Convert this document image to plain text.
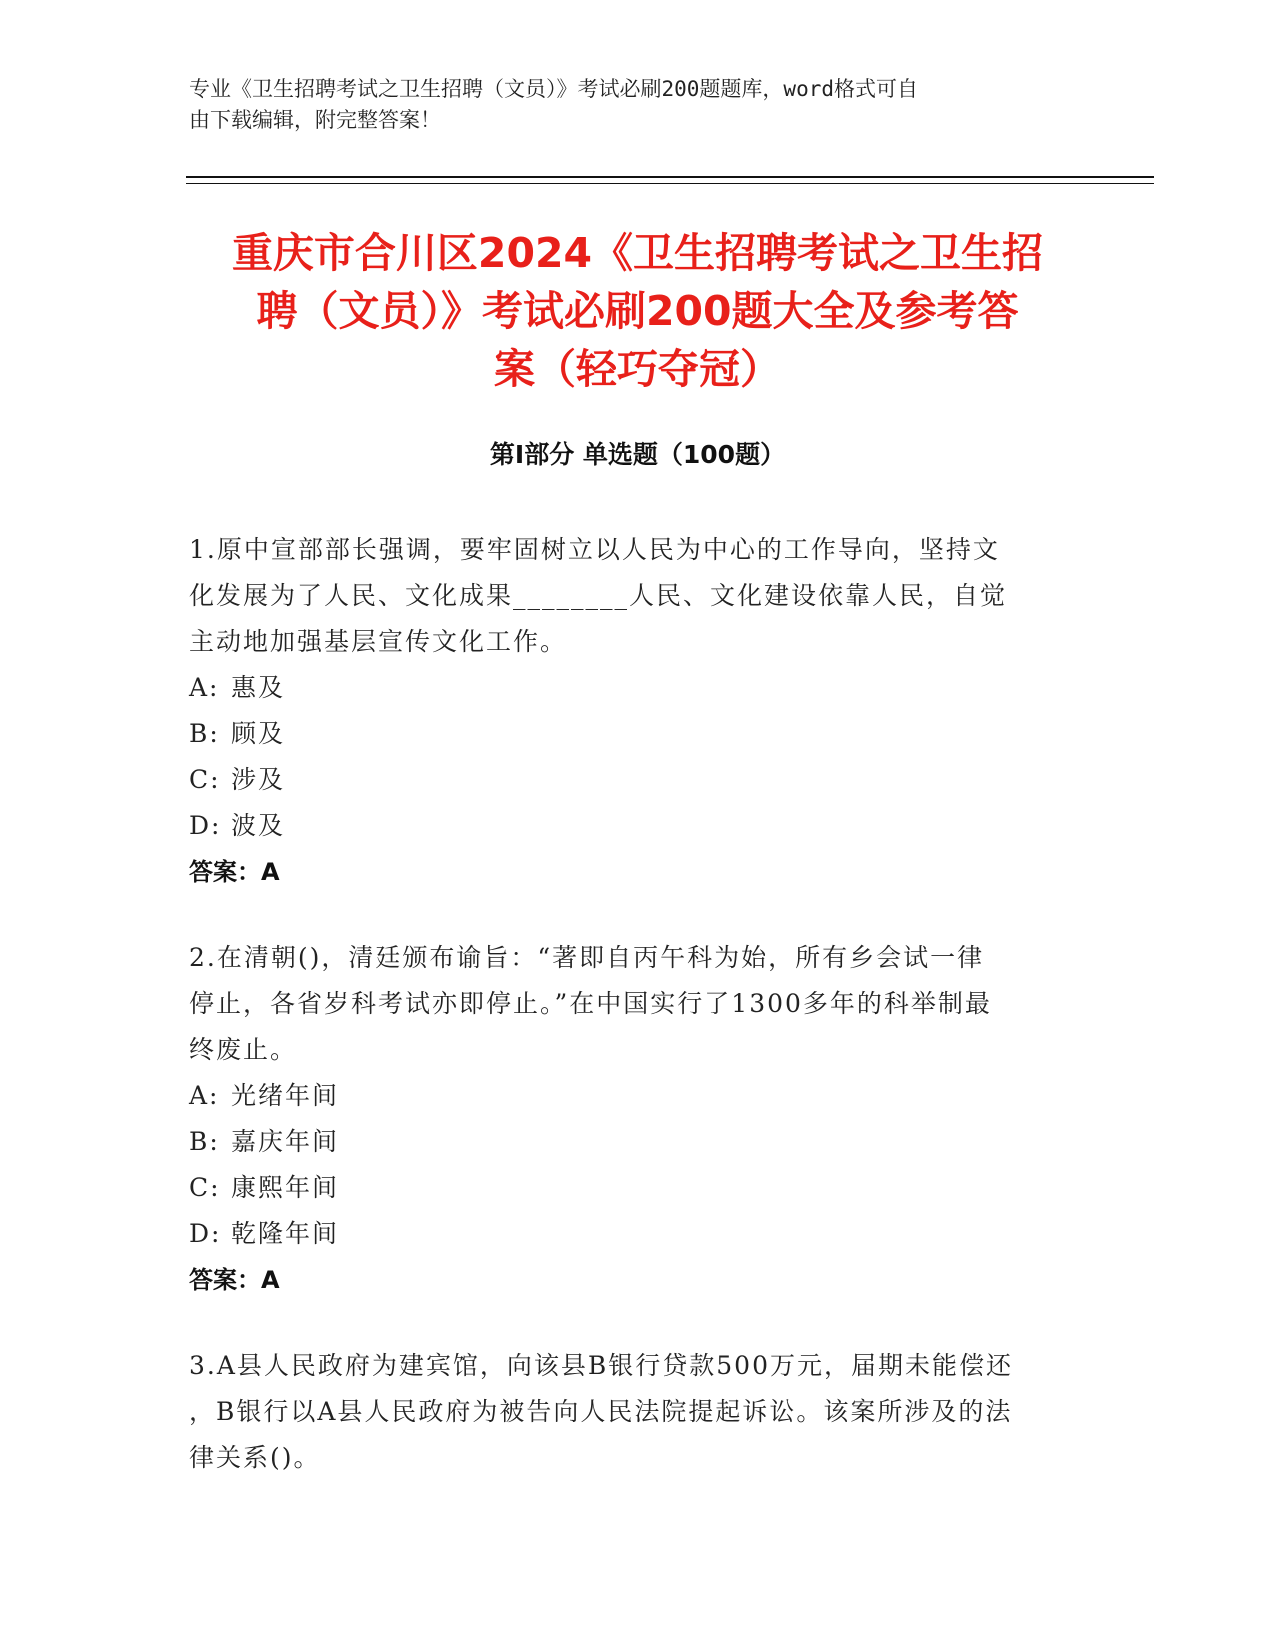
专业《卫生招聘考试之卫生招聘（文员）》考试必刷200题题库，word格式可自
由下载编辑，附完整答案！
重庆市合川区2024《卫生招聘考试之卫生招
聘（文员）》考试必刷200题大全及参考答
案（轻巧夺冠）
第Ⅰ部分 单选题（100题）

1.原中宣部部长强调，要牢固树立以人民为中心的工作导向，坚持文
化发展为了人民、文化成果________人民、文化建设依靠人民，自觉
主动地加强基层宣传文化工作。

A: 惠及

B: 顾及

C: 涉及

D: 波及

答案：A

2.在清朝()，清廷颁布谕旨：“著即自丙午科为始，所有乡会试一律
停止，各省岁科考试亦即停止。”在中国实行了1300多年的科举制最
终废止。

A: 光绪年间

B: 嘉庆年间

C: 康熙年间

D: 乾隆年间

答案：A

3.A县人民政府为建宾馆，向该县B银行贷款500万元，届期未能偿还
，B银行以A县人民政府为被告向人民法院提起诉讼。该案所涉及的法
律关系()。
